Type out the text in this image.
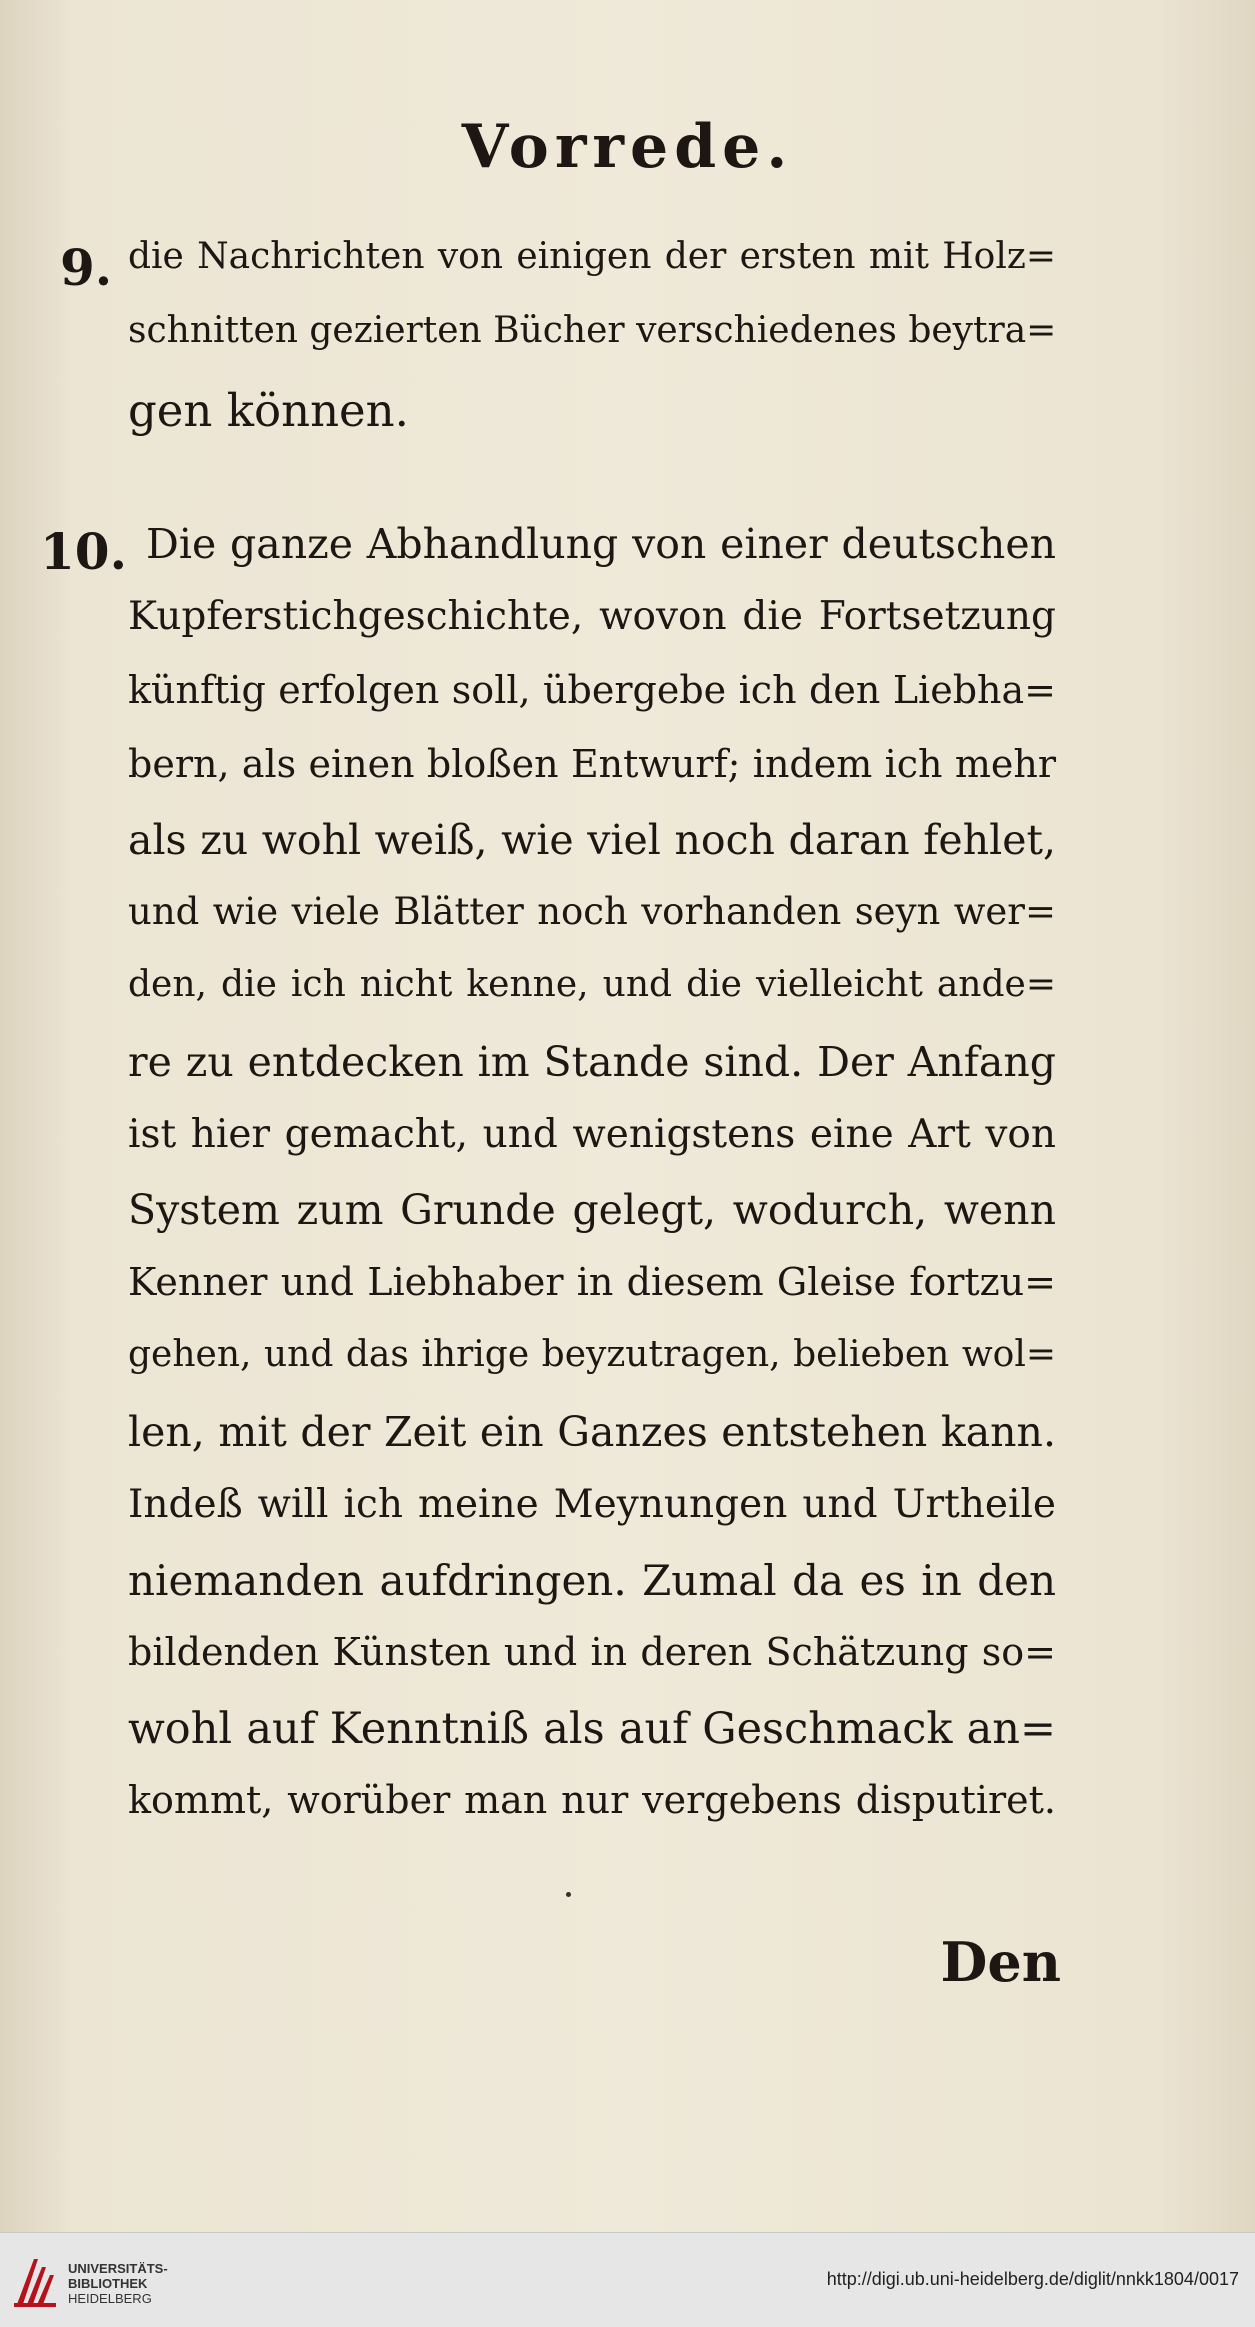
Vorrede.
9. die Nachrichten von einigen der ersten mit Holz=
schnitten gezierten Bücher verschiedenes beytra=
gen können.
10. Die ganze Abhandlung von einer deutschen
Kupferstichgeschichte, wovon die Fortsetzung
künftig erfolgen soll, übergebe ich den Liebha=
bern, als einen bloßen Entwurf; indem ich mehr
als zu wohl weiß, wie viel noch daran fehlet,
und wie viele Blätter noch vorhanden seyn wer=
den, die ich nicht kenne, und die vielleicht ande=
re zu entdecken im Stande sind. Der Anfang
ist hier gemacht, und wenigstens eine Art von
System zum Grunde gelegt, wodurch, wenn
Kenner und Liebhaber in diesem Gleise fortzu=
gehen, und das ihrige beyzutragen, belieben wol=
len, mit der Zeit ein Ganzes entstehen kann.
Indeß will ich meine Meynungen und Urtheile
niemanden aufdringen. Zumal da es in den
bildenden Künsten und in deren Schätzung so=
wohl auf Kenntniß als auf Geschmack an=
kommt, worüber man nur vergebens disputiret.
Den
UNIVERSITÄTS-
BIBLIOTHEK
HEIDELBERG
http://digi.ub.uni-heidelberg.de/diglit/nnkk1804/0017
